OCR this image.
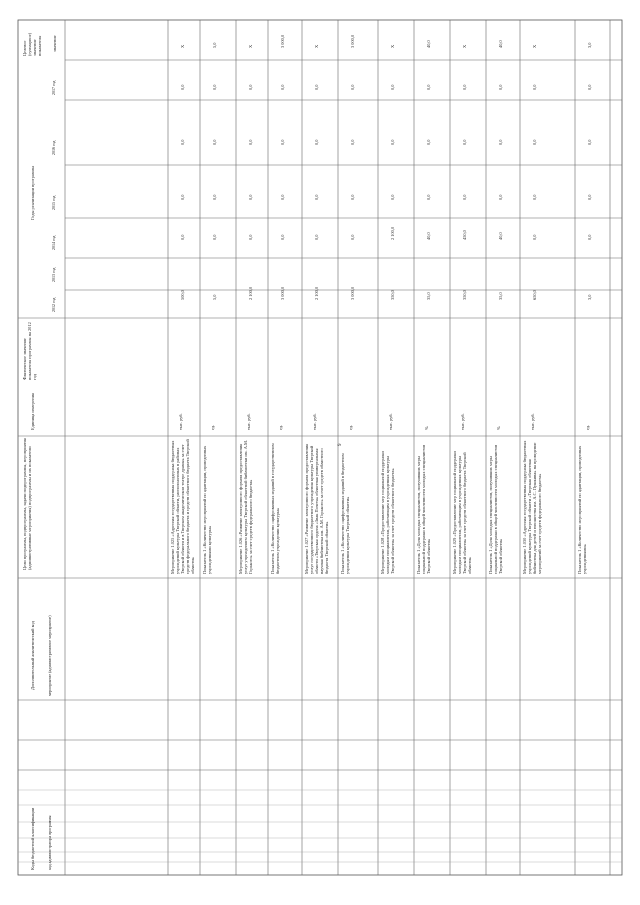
9
Коды бюджетной классификации	код администратора программы
Дополнительный аналитический код	мероприятие (административное мероприятие)
Цели программы, подпрограммы, задачи подпрограммы, мероприятия (административные мероприятия) подпрограммы и их показатели
Единица измерения
Фактическое значение показателя программы на 2012 год
Годы реализации программы
Целевое (суммарное) значение показателя значение
2012 год
2013 год
2014 год
2015 год
2016 год
2017 год
Мероприятие 1.025 «Адресная государственная поддержка бюджетных учреждений культуры Тверской области, расположенных в районах Тверской области и в Тверском академическом театре драмы» за счет средств федерального бюджета и средств областного бюджета Тверской области»
тыс. руб.
500,0
0,0
0,0
0,0
0,0
Х
Показатель 1 «Количество мероприятий по адаптации, проведенных учреждениями культуры»
ед.
5,0
0,0
0,0
0,0
0,0
5,0
Мероприятие 1.026 «Развитие электронного формата предоставления услуг учреждением культуры Тверской областной библиотеки им. А.М. Горького» за счет средств федерального бюджета»
тыс. руб.
2 100,0
0,0
0,0
0,0
0,0
Х
Показатель 1 «Количество оцифрованных изданий в государственном бюджетном учреждении культуры»
ед.
3 000,0
0,0
0,0
0,0
0,0
3 000,0
Мероприятие 1.027 «Развитие электронного формата предоставления услуг государственного бюджетного учреждения культуры Тверской области «Тверская ордена «Знак Почета» областная универсальная научная библиотека им. А.М. Горького» за счет средств областного бюджета Тверской области»
тыс. руб.
2 100,0
0,0
0,0
0,0
0,0
Х
Показатель 1 «Количество оцифрованных изданий в бюджетном учреждении культуры Тверской области»
ед.
3 000,0
0,0
0,0
0,0
0,0
3 000,0
Мероприятие 1.028 «Предоставление мер социальной поддержки молодым специалистам, работающим в учреждениях культуры Тверской области» за счет средств областного бюджета»
тыс. руб.
350,0
2 100,0
0,0
0,0
0,0
Х
Показатель 1 «Доля молодых специалистов, получивших меры социальной поддержки в общей численности молодых специалистов Тверской области»
%
35,0
40,0
0,0
0,0
0,0
40,0
Мероприятие 1.029 «Предоставление мер социальной поддержки молодым специалистам, работающим в учреждениях культуры Тверской области» за счет средств областного бюджета Тверской области»
тыс. руб.
350,0
450,0
0,0
0,0
0,0
Х
Показатель 1 «Доля молодых специалистов, получивших меры социальной поддержки в общей численности молодых специалистов Тверской области»
%
35,0
40,0
0,0
0,0
0,0
40,0
Мероприятие 1.030 «Адресная государственная поддержка бюджетных учреждений культуры Тверской области «Тверская областная библиотека для детей и юношества им. А.С. Пушкина» на проведение мероприятий за счет средств федерального бюджета»
тыс. руб.
650,0
0,0
0,0
0,0
0,0
Х
Показатель 1 «Количество мероприятий по адаптации, проведенных учреждениями»
ед.
3,0
0,0
0,0
0,0
0,0
3,0
